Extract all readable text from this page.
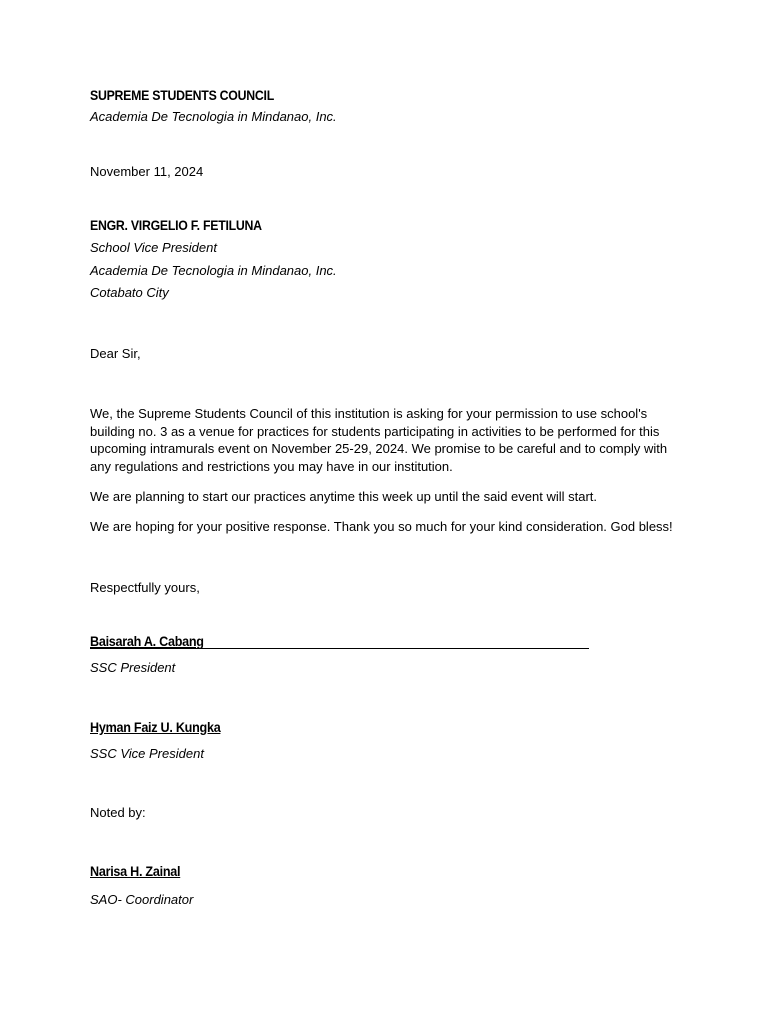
SUPREME STUDENTS COUNCIL
Academia De Tecnologia in Mindanao, Inc.
November 11, 2024
ENGR. VIRGELIO F. FETILUNA
School Vice President
Academia De Tecnologia in Mindanao, Inc.
Cotabato City
Dear Sir,
We, the Supreme Students Council of this institution is asking for your permission to use school's building no. 3 as a venue for practices for students participating in activities to be performed for this upcoming intramurals event on November 25-29, 2024. We promise to be careful and to comply with any regulations and restrictions you may have in our institution.
We are planning to start our practices anytime this week up until the said event will start.
We are hoping for your positive response. Thank you so much for your kind consideration. God bless!
Respectfully yours,
Baisarah A. Cabang
SSC President
Hyman Faiz U. Kungka
SSC Vice President
Noted by:
Narisa H. Zainal
SAO- Coordinator
